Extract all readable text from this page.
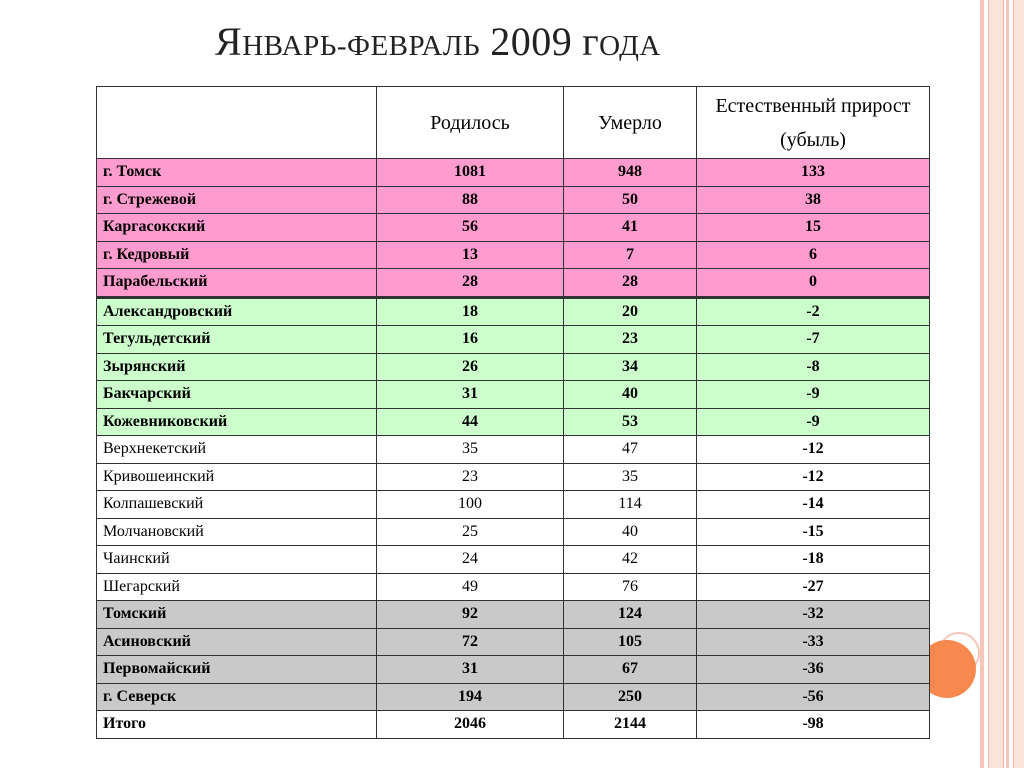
ЯНВАРЬ-ФЕВРАЛЬ 2009 гОДА
	Родилось	Умерло	Естественный прирост (убыль)
г. Томск	1081	948	133
г. Стрежевой	88	50	38
Каргасокский	56	41	15
г. Кедровый	13	7	6
Парабельский	28	28	0
Александровский	18	20	-2
Тегульдетский	16	23	-7
Зырянский	26	34	-8
Бакчарский	31	40	-9
Кожевниковский	44	53	-9
Верхнекетский	35	47	-12
Кривошеинский	23	35	-12
Колпашевский	100	114	-14
Молчановский	25	40	-15
Чаинский	24	42	-18
Шегарский	49	76	-27
Томский	92	124	-32
Асиновский	72	105	-33
Первомайский	31	67	-36
г. Северск	194	250	-56
Итого	2046	2144	-98
